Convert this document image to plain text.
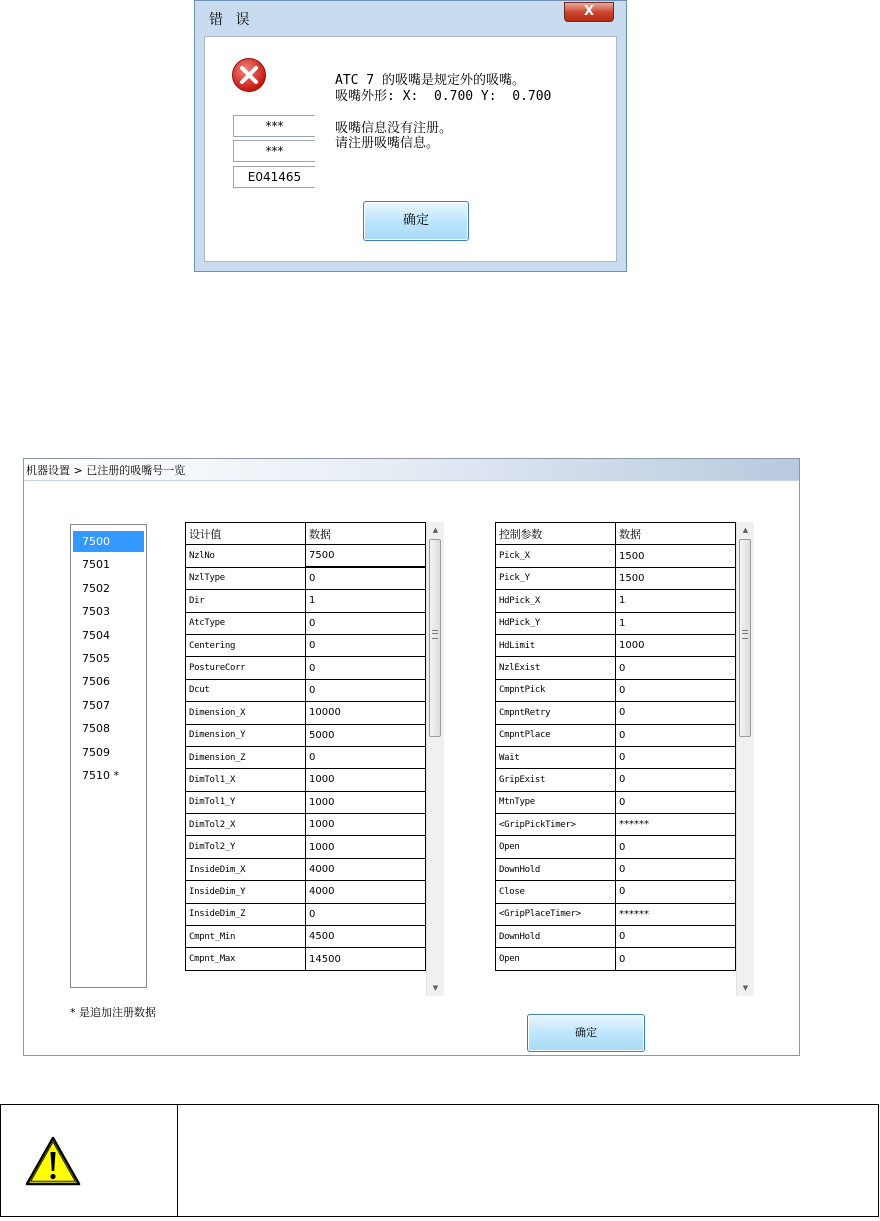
错 误
X
ATC 7 的吸嘴是规定外的吸嘴。
吸嘴外形: X:  0.700 Y:  0.700
吸嘴信息没有注册。
请注册吸嘴信息。
***
***
E041465
确定
机器设置 > 已注册的吸嘴号一览
7500
7501
7502
7503
7504
7505
7506
7507
7508
7509
7510 *
设计值	数据
NzlNo	7500
NzlType	0
Dir	1
AtcType	0
Centering	0
PostureCorr	0
Dcut	0
Dimension_X	10000
Dimension_Y	5000
Dimension_Z	0
DimTol1_X	1000
DimTol1_Y	1000
DimTol2_X	1000
DimTol2_Y	1000
InsideDim_X	4000
InsideDim_Y	4000
InsideDim_Z	0
Cmpnt_Min	4500
Cmpnt_Max	14500
▲
▼
控制参数	数据
Pick_X	1500
Pick_Y	1500
HdPick_X	1
HdPick_Y	1
HdLimit	1000
NzlExist	0
CmpntPick	0
CmpntRetry	0
CmpntPlace	0
Wait	0
GripExist	0
MtnType	0
<GripPickTimer>	******
Open	0
DownHold	0
Close	0
<GripPlaceTimer>	******
DownHold	0
Open	0
▲
▼
* 是追加注册数据
确定
